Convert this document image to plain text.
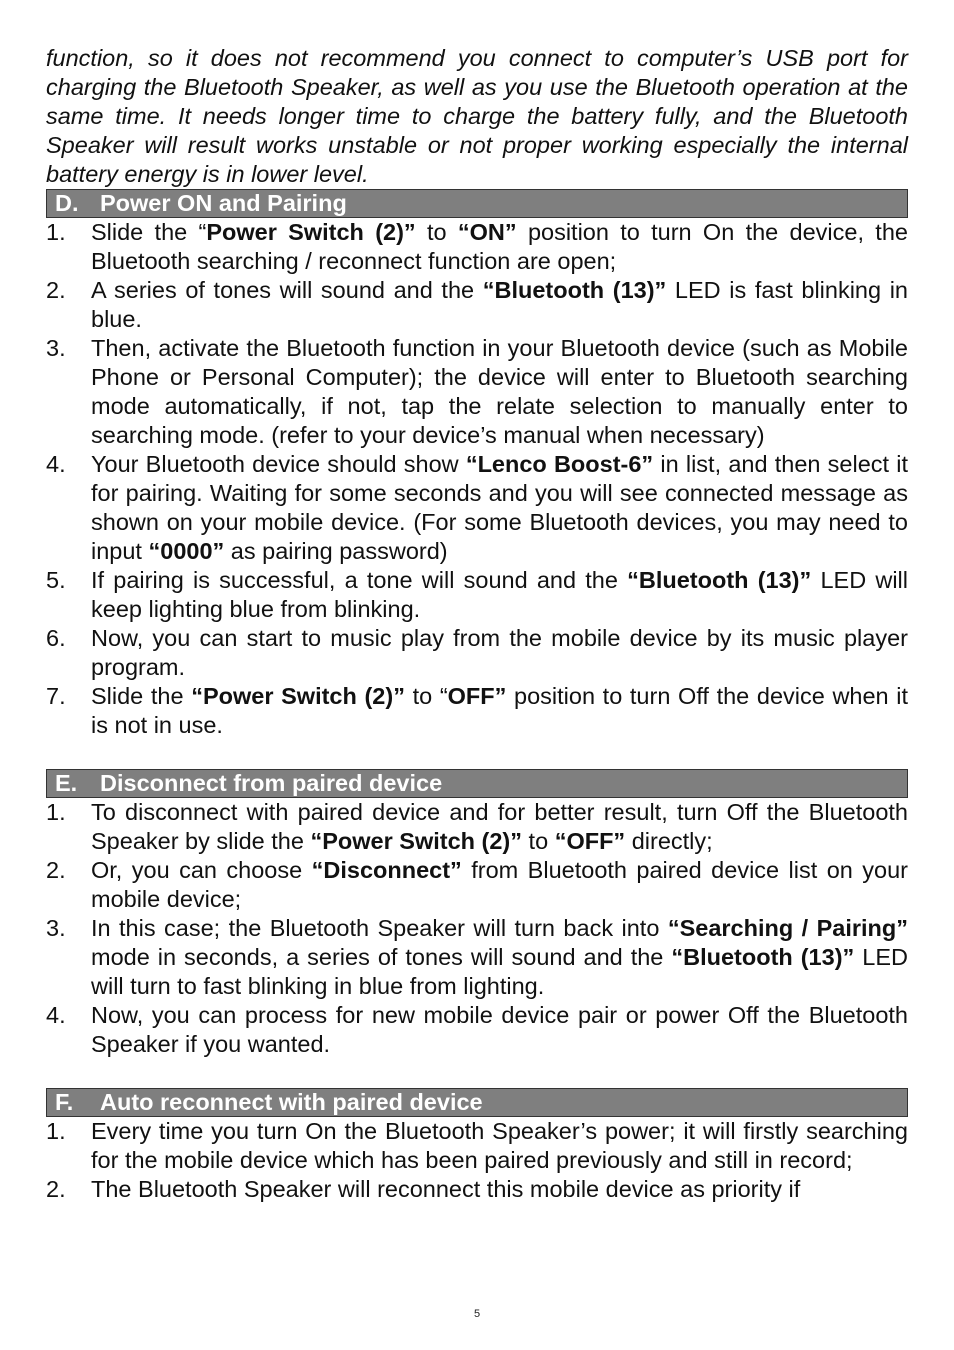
function, so it does not recommend you connect to computer’s USB port for charging the Bluetooth Speaker, as well as you use the Bluetooth operation at the same time. It needs longer time to charge the battery fully, and the Bluetooth Speaker will result works unstable or not proper working especially the internal battery energy is in lower level.

D. Power ON and Pairing
1.	Slide the “Power Switch (2)” to “ON” position to turn On the device, the Bluetooth searching / reconnect function are open;
2.	A series of tones will sound and the “Bluetooth (13)” LED is fast blinking in blue.
3.	Then, activate the Bluetooth function in your Bluetooth device (such as Mobile Phone or Personal Computer); the device will enter to Bluetooth searching mode automatically, if not, tap the relate selection to manually enter to searching mode. (refer to your device’s manual when necessary)
4.	Your Bluetooth device should show “Lenco Boost-6” in list, and then select it for pairing. Waiting for some seconds and you will see connected message as shown on your mobile device. (For some Bluetooth devices, you may need to input “0000” as pairing password)
5.	If pairing is successful, a tone will sound and the “Bluetooth (13)” LED will keep lighting blue from blinking.
6.	Now, you can start to music play from the mobile device by its music player program.
7.	Slide the “Power Switch (2)” to “OFF” position to turn Off the device when it is not in use.
E. Disconnect from paired device
1.	To disconnect with paired device and for better result, turn Off the Bluetooth Speaker by slide the “Power Switch (2)” to “OFF” directly;
2.	Or, you can choose “Disconnect” from Bluetooth paired device list on your mobile device;
3.	In this case; the Bluetooth Speaker will turn back into “Searching / Pairing” mode in seconds, a series of tones will sound and the “Bluetooth (13)” LED will turn to fast blinking in blue from lighting.
4.	Now, you can process for new mobile device pair or power Off the Bluetooth Speaker if you wanted.
F.	Auto reconnect with paired device
1.	Every time you turn On the Bluetooth Speaker’s power; it will firstly searching for the mobile device which has been paired previously and still in record;
2.	The Bluetooth Speaker will reconnect this mobile device as priority if
5
